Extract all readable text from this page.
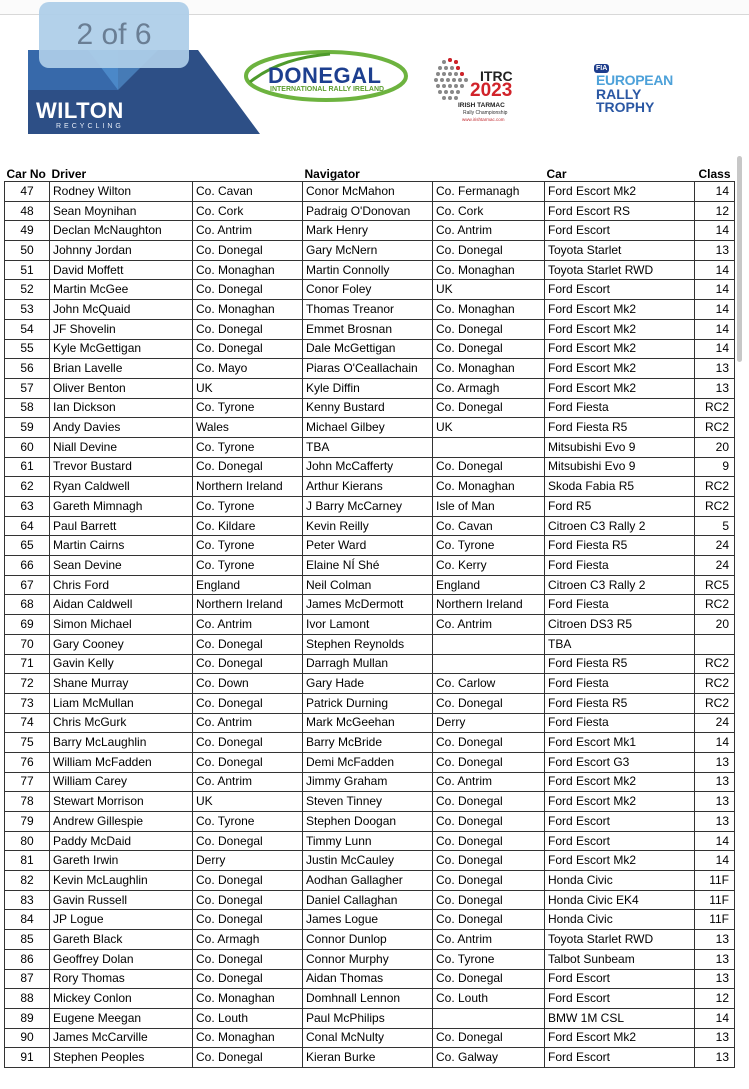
WILTON
RECYCLING
DONEGAL
INTERNATIONAL RALLY IRELAND
ITRC
2023
IRISH TARMAC
Rally Championship
www.irishtarmac.com
FIA
EUROPEAN
RALLY
TROPHY
2 of 6
Car No	Driver		Navigator		Car	Class
47	Rodney Wilton	Co. Cavan	Conor McMahon	Co. Fermanagh	Ford Escort Mk2	14
48	Sean Moynihan	Co. Cork	Padraig O'Donovan	Co. Cork	Ford Escort RS	12
49	Declan McNaughton	Co. Antrim	Mark Henry	Co. Antrim	Ford Escort	14
50	Johnny Jordan	Co. Donegal	Gary McNern	Co. Donegal	Toyota Starlet	13
51	David Moffett	Co. Monaghan	Martin Connolly	Co. Monaghan	Toyota Starlet RWD	14
52	Martin McGee	Co. Donegal	Conor Foley	UK	Ford Escort	14
53	John McQuaid	Co. Monaghan	Thomas Treanor	Co. Monaghan	Ford Escort Mk2	14
54	JF Shovelin	Co. Donegal	Emmet Brosnan	Co. Donegal	Ford Escort Mk2	14
55	Kyle McGettigan	Co. Donegal	Dale McGettigan	Co. Donegal	Ford Escort Mk2	14
56	Brian Lavelle	Co. Mayo	Piaras O'Ceallachain	Co. Monaghan	Ford Escort Mk2	13
57	Oliver Benton	UK	Kyle Diffin	Co. Armagh	Ford Escort Mk2	13
58	Ian Dickson	Co. Tyrone	Kenny Bustard	Co. Donegal	Ford Fiesta	RC2
59	Andy Davies	Wales	Michael Gilbey	UK	Ford Fiesta R5	RC2
60	Niall Devine	Co. Tyrone	TBA		Mitsubishi Evo 9	20
61	Trevor Bustard	Co. Donegal	John McCafferty	Co. Donegal	Mitsubishi Evo 9	9
62	Ryan Caldwell	Northern Ireland	Arthur Kierans	Co. Monaghan	Skoda Fabia R5	RC2
63	Gareth Mimnagh	Co. Tyrone	J Barry McCarney	Isle of Man	Ford R5	RC2
64	Paul Barrett	Co. Kildare	Kevin Reilly	Co. Cavan	Citroen C3 Rally 2	5
65	Martin Cairns	Co. Tyrone	Peter Ward	Co. Tyrone	Ford Fiesta R5	24
66	Sean Devine	Co. Tyrone	Elaine NÍ Shé	Co. Kerry	Ford Fiesta	24
67	Chris Ford	England	Neil Colman	England	Citroen C3 Rally 2	RC5
68	Aidan Caldwell	Northern Ireland	James McDermott	Northern Ireland	Ford Fiesta	RC2
69	Simon Michael	Co. Antrim	Ivor Lamont	Co. Antrim	Citroen DS3 R5	20
70	Gary Cooney	Co. Donegal	Stephen Reynolds		TBA	
71	Gavin Kelly	Co. Donegal	Darragh Mullan		Ford Fiesta R5	RC2
72	Shane Murray	Co. Down	Gary Hade	Co. Carlow	Ford Fiesta	RC2
73	Liam McMullan	Co. Donegal	Patrick Durning	Co. Donegal	Ford Fiesta R5	RC2
74	Chris McGurk	Co. Antrim	Mark McGeehan	Derry	Ford Fiesta	24
75	Barry McLaughlin	Co. Donegal	Barry McBride	Co. Donegal	Ford Escort Mk1	14
76	William McFadden	Co. Donegal	Demi McFadden	Co. Donegal	Ford Escort G3	13
77	William Carey	Co. Antrim	Jimmy Graham	Co. Antrim	Ford Escort Mk2	13
78	Stewart Morrison	UK	Steven Tinney	Co. Donegal	Ford Escort Mk2	13
79	Andrew Gillespie	Co. Tyrone	Stephen Doogan	Co. Donegal	Ford Escort	13
80	Paddy McDaid	Co. Donegal	Timmy Lunn	Co. Donegal	Ford Escort	14
81	Gareth Irwin	Derry	Justin McCauley	Co. Donegal	Ford Escort Mk2	14
82	Kevin McLaughlin	Co. Donegal	Aodhan Gallagher	Co. Donegal	Honda Civic	11F
83	Gavin Russell	Co. Donegal	Daniel Callaghan	Co. Donegal	Honda Civic EK4	11F
84	JP Logue	Co. Donegal	James Logue	Co. Donegal	Honda Civic	11F
85	Gareth Black	Co. Armagh	Connor Dunlop	Co. Antrim	Toyota Starlet RWD	13
86	Geoffrey Dolan	Co. Donegal	Connor Murphy	Co. Tyrone	Talbot Sunbeam	13
87	Rory Thomas	Co. Donegal	Aidan Thomas	Co. Donegal	Ford Escort	13
88	Mickey Conlon	Co. Monaghan	Domhnall Lennon	Co. Louth	Ford Escort	12
89	Eugene Meegan	Co. Louth	Paul McPhilips		BMW 1M CSL	14
90	James McCarville	Co. Monaghan	Conal McNulty	Co. Donegal	Ford Escort Mk2	13
91	Stephen Peoples	Co. Donegal	Kieran Burke	Co. Galway	Ford Escort	13
